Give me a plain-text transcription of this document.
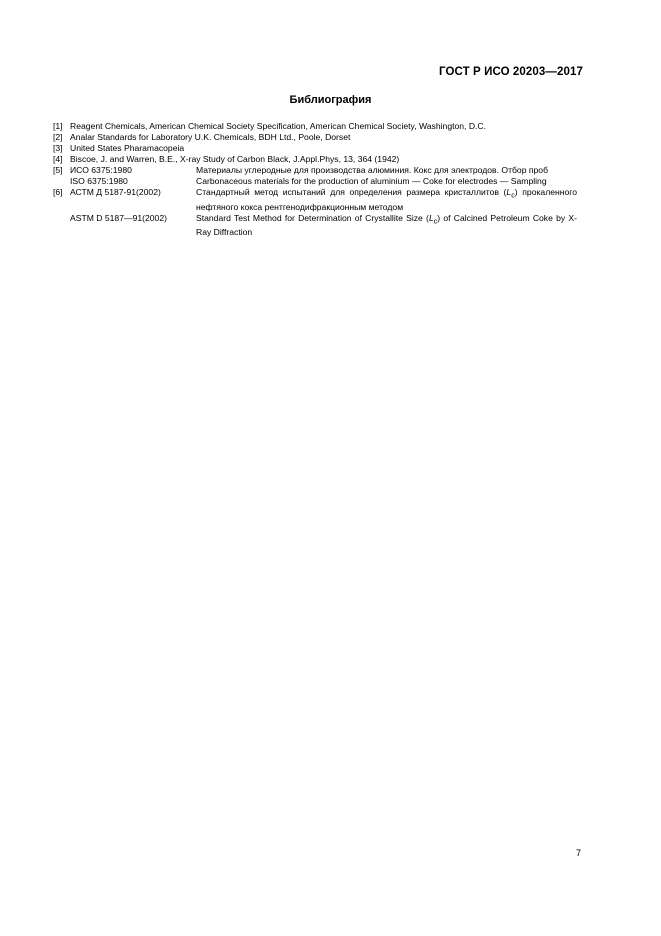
ГОСТ Р ИСО 20203—2017
Библиография
[1] Reagent Chemicals, American Chemical Society Specification, American Chemical Society, Washington, D.C.
[2] Analar Standards for Laboratory U.K. Chemicals, BDH Ltd., Poole, Dorset
[3] United States Pharamacopeia
[4] Biscoe, J. and Warren, B.E., X-ray Study of Carbon Black, J.Appl.Phys, 13, 364 (1942)
[5] ИСО 6375:1980	Материалы углеродные для производства алюминия. Кокс для электродов. Отбор проб
ISO 6375:1980	Carbonaceous materials for the production of aluminium — Coke for electrodes — Sampling
[6] АСТМ Д 5187-91(2002)	Стандартный метод испытаний для определения размера кристаллитов $(L_c)$ прокаленного нефтяного кокса рентгенодифракционным методом
ASTM D 5187—91(2002)	Standard Test Method for Determination of Crystallite Size $(L_c)$ of Calcined Petroleum Coke by X-Ray Diffraction
7
